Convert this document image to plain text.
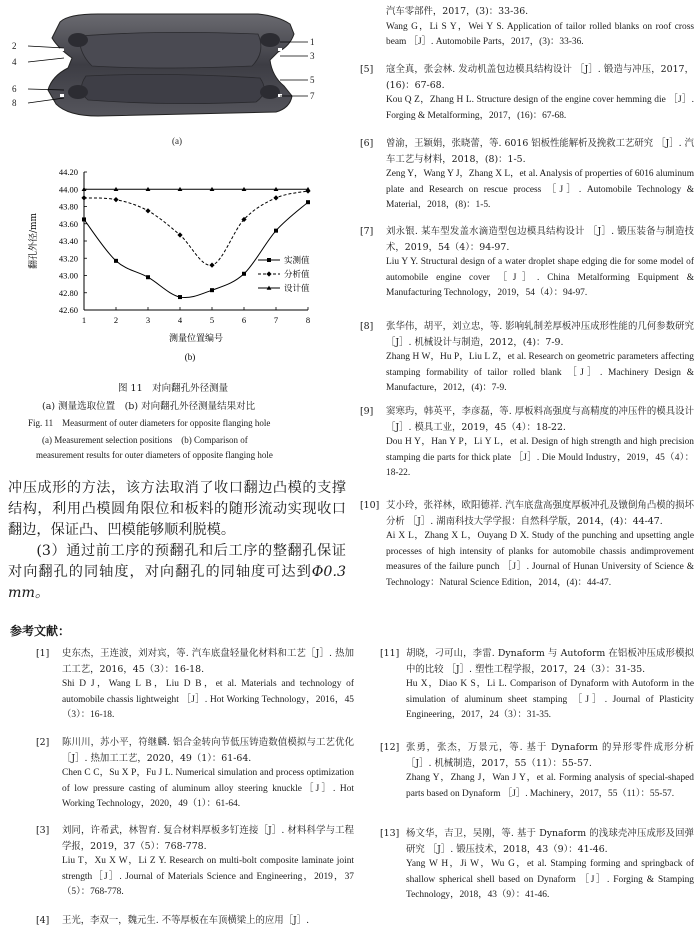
2
4
6
8
1
3
5
7
(a)
44.20
44.00
43.80
43.60
43.40
43.20
43.00
42.80
42.60
1	2	3	4	5	6	7	8
翻孔外径/mm
测量位置编号
(b)
实测值
分析值
设计值
图 11　对向翻孔外径测量
(a) 测量选取位置　(b) 对向翻孔外径测量结果对比
Fig. 11　Measurment of outer diameters for opposite flanging hole
(a) Measurement selection positions　(b) Comparison of
measurement results for outer diameters of opposite flanging hole

冲压成形的方法，该方法取消了收口翻边凸模的支撑结构，利用凸模圆角限位和板料的随形流动实现收口翻边，保证凸、凹模能够顺利脱模。

(3）通过前工序的预翻孔和后工序的整翻孔保证对向翻孔的同轴度，对向翻孔的同轴度可达到Φ0.3 mm。

参考文献：
[1] 史东杰，王连波，刘对宾，等. 汽车底盘轻量化材料和工艺［J］. 热加工工艺，2016，45（3）：16-18.
Shi D J，Wang L B，Liu D B，et al. Materials and technology of automobile chassis lightweight ［J］. Hot Working Technology，2016，45（3）：16-18.
[2] 陈川川，苏小平，符继麟. 铝合金转向节低压铸造数值模拟与工艺优化［J］. 热加工工艺，2020，49（1）：61-64.
Chen C C，Su X P，Fu J L. Numerical simulation and process optimization of low pressure casting of aluminum alloy steering knuckle［J］. Hot Working Technology，2020，49（1）：61-64.
[3] 刘同，许希武，林智育. 复合材料厚板多钉连接［J］. 材料科学与工程学报，2019，37（5）：768-778.
Liu T，Xu X W，Li Z Y. Research on multi-bolt composite laminate joint strength［J］. Journal of Materials Science and Engineering，2019，37（5）：768-778.
[4] 王光，李双一，魏元生. 不等厚板在车顶横梁上的应用［J］.
汽车零部件，2017，(3)：33-36.
Wang G，Li S Y，Wei Y S. Application of tailor rolled blanks on roof cross beam ［J］. Automobile Parts，2017，(3)：33-36.
[5] 寇全真，张会林. 发动机盖包边模具结构设计 ［J］. 锻造与冲压，2017，(16)：67-68.
Kou Q Z，Zhang H L. Structure design of the engine cover hemming die ［J］. Forging & Metalforming，2017，(16)：67-68.
[6] 曾渝，王颖娟，张晓蕾，等. 6016 铝板性能解析及挽救工艺研究 ［J］. 汽车工艺与材料，2018，(8)：1-5.
Zeng Y，Wang Y J，Zhang X L，et al. Analysis of properties of 6016 aluminum plate and Research on rescue process ［J］. Automobile Technology & Material，2018，(8)：1-5.
[7] 刘永银. 某车型发盖水滴造型包边模具结构设计 ［J］. 锻压装备与制造技术，2019，54（4）：94-97.
Liu Y Y. Structural design of a water droplet shape edging die for some model of automobile engine cover ［J］. China Metalforming Equipment & Manufacturing Technology，2019，54（4）：94-97.
[8] 张华伟，胡平，刘立忠，等. 影响轧制差厚板冲压成形性能的几何参数研究 ［J］. 机械设计与制造，2012，(4)：7-9.
Zhang H W，Hu P，Liu L Z，et al. Research on geometric parameters affecting stamping formability of tailor rolled blank ［J］. Machinery Design & Manufacture，2012，(4)：7-9.
[9] 窦寒玙，韩英平，李彦磊，等. 厚板料高强度与高精度的冲压件的模具设计 ［J］. 模具工业，2019，45（4）：18-22.
Dou H Y，Han Y P，Li Y L，et al. Design of high strength and high precision stamping die parts for thick plate ［J］. Die Mould Industry，2019，45（4）：18-22.
[10] 艾小玲，张祥林，欧阳德祥. 汽车底盘高强度厚板冲孔及镦倒角凸模的损坏分析 ［J］. 湖南科技大学学报：自然科学版，2014，(4)：44-47.
Ai X L，Zhang X L，Ouyang D X. Study of the punching and upsetting angle processes of high intensity of planks for automobile chassis andimprovement measures of the failure punch ［J］. Journal of Hunan University of Science & Technology：Natural Science Edition，2014，(4)：44-47.
[11] 胡晓，刁可山，李雷. Dynaform 与 Autoform 在铝板冲压成形模拟中的比较 ［J］. 塑性工程学报，2017，24（3）：31-35.
Hu X，Diao K S，Li L. Comparison of Dynaform with Autoform in the simulation of aluminum sheet stamping ［J］. Journal of Plasticity Engineering，2017，24（3）：31-35.
[12] 张勇，张杰，万景元，等. 基于 Dynaform 的异形零件成形分析 ［J］. 机械制造，2017，55（11）：55-57.
Zhang Y，Zhang J，Wan J Y，et al. Forming analysis of special-shaped parts based on Dynaform ［J］. Machinery，2017，55（11）：55-57.
[13] 杨文华，吉卫，吴刚，等. 基于 Dynaform 的浅球壳冲压成形及回弹研究 ［J］. 锻压技术，2018，43（9）：41-46.
Yang W H，Ji W，Wu G，et al. Stamping forming and springback of shallow spherical shell based on Dynaform ［J］. Forging & Stamping Technology，2018，43（9）：41-46.
